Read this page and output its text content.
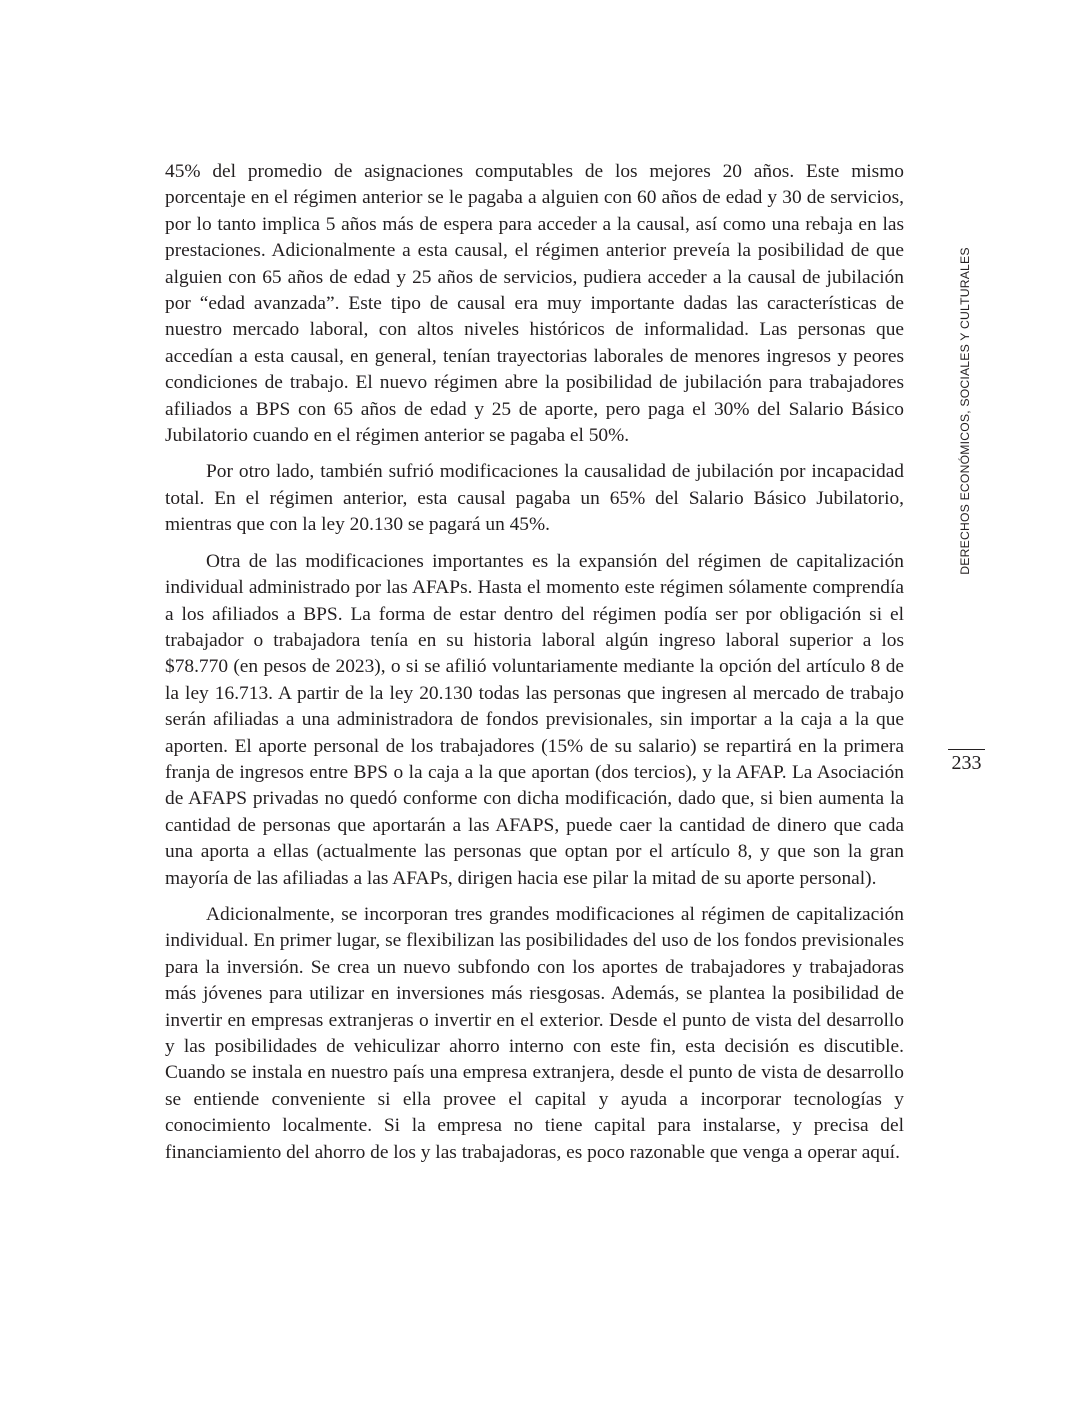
45% del promedio de asignaciones computables de los mejores 20 años. Este mismo porcentaje en el régimen anterior se le pagaba a alguien con 60 años de edad y 30 de servicios, por lo tanto implica 5 años más de espera para acceder a la causal, así como una rebaja en las prestaciones. Adicionalmente a esta causal, el régimen anterior preveía la posibilidad de que alguien con 65 años de edad y 25 años de servicios, pudiera acceder a la causal de jubilación por “edad avanzada”. Este tipo de causal era muy importante dadas las características de nuestro mercado laboral, con altos niveles históricos de informalidad. Las personas que accedían a esta causal, en general, tenían trayectorias laborales de menores ingresos y peores condiciones de trabajo. El nuevo régimen abre la posibilidad de jubilación para trabajadores afiliados a BPS con 65 años de edad y 25 de aporte, pero paga el 30% del Salario Básico Jubilatorio cuando en el régimen anterior se pagaba el 50%.

Por otro lado, también sufrió modificaciones la causalidad de jubilación por incapacidad total. En el régimen anterior, esta causal pagaba un 65% del Salario Básico Jubilatorio, mientras que con la ley 20.130 se pagará un 45%.

Otra de las modificaciones importantes es la expansión del régimen de capitalización individual administrado por las AFAPs. Hasta el momento este régimen sólamente comprendía a los afiliados a BPS. La forma de estar dentro del régimen podía ser por obligación si el trabajador o trabajadora tenía en su historia laboral algún ingreso laboral superior a los $78.770 (en pesos de 2023), o si se afilió voluntariamente mediante la opción del artículo 8 de la ley 16.713. A partir de la ley 20.130 todas las personas que ingresen al mercado de trabajo serán afiliadas a una administradora de fondos previsionales, sin importar a la caja a la que aporten. El aporte personal de los trabajadores (15% de su salario) se repartirá en la primera franja de ingresos entre BPS o la caja a la que aportan (dos tercios), y la AFAP. La Asociación de AFAPS privadas no quedó conforme con dicha modificación, dado que, si bien aumenta la cantidad de personas que aportarán a las AFAPS, puede caer la cantidad de dinero que cada una aporta a ellas (actualmente las personas que optan por el artículo 8, y que son la gran mayoría de las afiliadas a las AFAPs, dirigen hacia ese pilar la mitad de su aporte personal).

Adicionalmente, se incorporan tres grandes modificaciones al régimen de capitalización individual. En primer lugar, se flexibilizan las posibilidades del uso de los fondos previsionales para la inversión. Se crea un nuevo subfondo con los aportes de trabajadores y trabajadoras más jóvenes para utilizar en inversiones más riesgosas. Además, se plantea la posibilidad de invertir en empresas extranjeras o invertir en el exterior. Desde el punto de vista del desarrollo y las posibilidades de vehiculizar ahorro interno con este fin, esta decisión es discutible. Cuando se instala en nuestro país una empresa extranjera, desde el punto de vista de desarrollo se entiende conveniente si ella provee el capital y ayuda a incorporar tecnologías y conocimiento localmente. Si la empresa no tiene capital para instalarse, y precisa del financiamiento del ahorro de los y las trabajadoras, es poco razonable que venga a operar aquí.

DERECHOS ECONÓMICOS, SOCIALES Y CULTURALES
233
